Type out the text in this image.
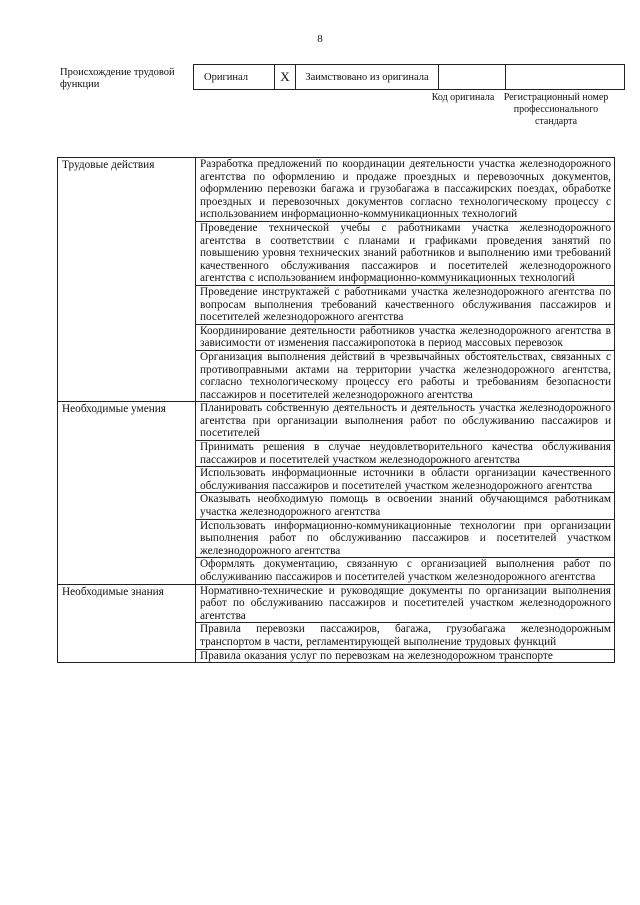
8
Происхождение трудовой функции
Оригинал	X	Заимствовано из оригинала		
Код оригинала Регистрационный номер профессионального стандарта
Трудовые действия	Разработка предложений по координации деятельности участка железнодорожного агентства по оформлению и продаже проездных и перевозочных документов, оформлению перевозки багажа и грузобагажа в пассажирских поездах, обработке проездных и перевозочных документов согласно технологическому процессу с использованием информационно-коммуникационных технологий
	Проведение технической учебы с работниками участка железнодорожного агентства в соответствии с планами и графиками проведения занятий по повышению уровня технических знаний работников и выполнению ими требований качественного обслуживания пассажиров и посетителей железнодорожного агентства с использованием информационно-коммуникационных технологий
	Проведение инструктажей с работниками участка железнодорожного агентства по вопросам выполнения требований качественного обслуживания пассажиров и посетителей железнодорожного агентства
	Координирование деятельности работников участка железнодорожного агентства в зависимости от изменения пассажиропотока в период массовых перевозок
	Организация выполнения действий в чрезвычайных обстоятельствах, связанных с противоправными актами на территории участка железнодорожного агентства, согласно технологическому процессу его работы и требованиям безопасности пассажиров и посетителей железнодорожного агентства
Необходимые умения	Планировать собственную деятельность и деятельность участка железнодорожного агентства при организации выполнения работ по обслуживанию пассажиров и посетителей
	Принимать решения в случае неудовлетворительного качества обслуживания пассажиров и посетителей участком железнодорожного агентства
	Использовать информационные источники в области организации качественного обслуживания пассажиров и посетителей участком железнодорожного агентства
	Оказывать необходимую помощь в освоении знаний обучающимся работникам участка железнодорожного агентства
	Использовать информационно-коммуникационные технологии при организации выполнения работ по обслуживанию пассажиров и посетителей участком железнодорожного агентства
	Оформлять документацию, связанную с организацией выполнения работ по обслуживанию пассажиров и посетителей участком железнодорожного агентства
Необходимые знания	Нормативно-технические и руководящие документы по организации выполнения работ по обслуживанию пассажиров и посетителей участком железнодорожного агентства
	Правила перевозки пассажиров, багажа, грузобагажа железнодорожным транспортом в части, регламентирующей выполнение трудовых функций
	Правила оказания услуг по перевозкам на железнодорожном транспорте
